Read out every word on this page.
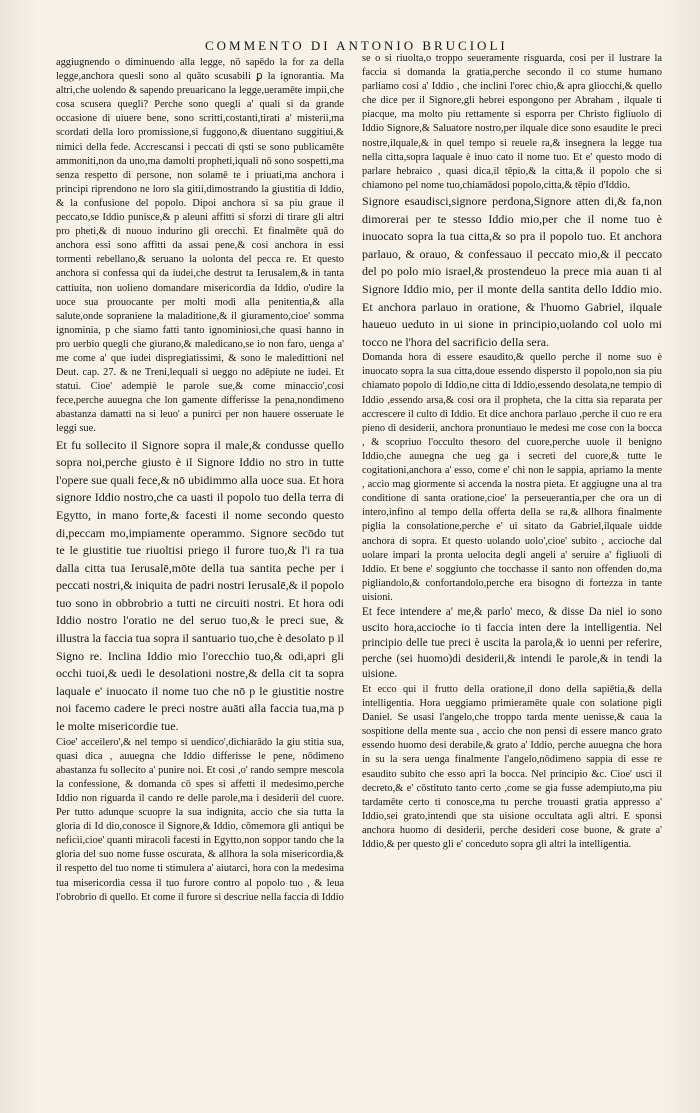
COMMENTO DI ANTONIO BRUCIOLI

aggiugnendo o diminuendo alla legge, nō sapēdo la for za della legge,anchora quesli sono al quāto scusabili ꝑ la ignorantia. Ma altri,che uolendo & sapendo preuaricano la legge,ueramēte impii,che cosa scusera quegli? Perche sono quegli a' quali si da grande occasione di uiuere bene, sono scritti,costanti,tirati a' misterii,ma scordati della loro promissione,si fuggono,& diuentano suggitiui,& nimici della fede. Accrescansi i peccati di qsti se sono publicamēte ammoniti,non da uno,ma damolti propheti,iquali nō sono sospetti,ma senza respetto di persone, non solamē te i priuati,ma anchora i principi riprendono ne loro sla gitii,dimostrando la giustitia di Iddio, & la confusione del popolo. Dipoi anchora si sa piu graue il peccato,se Iddio punisce,& p aleuni affitti si sforzi di tirare gli altri pro pheti,& di nuouo indurino gli orecchi. Et finalmēte quā do anchora essi sono affitti da assai pene,& cosi anchora in essi tormenti rebellano,& seruano la uolonta del pecca re. Et questo anchora si confessa qui da iudei,che destrut ta Ierusalem,& in tanta cattiuita, non uolieno domandare misericordia da Iddio, o'udire la uoce sua prouocante per molti modi alla penitentia,& alla salute,onde sopraniene la maladitione,& il giuramento,cioe' somma ignominia, p che siamo fatti tanto ignominiosi,che quasi hanno in pro uerbio quegli che giurano,& maledicano,se io non faro, uenga a' me come a' que iudei dispregiatissimi, & sono le maledittioni nel Deut. cap. 27. & ne Treni,lequali si ueggo no adēpiute ne iudei. Et statui. Cioe' adempiè le parole sue,& come minaccio',cosi fece,perche auuegna che lon gamente differisse la pena,nondimeno abastanza damatti na si leuo' a punirci per non hauere osseruate le leggi sue.

Et fu sollecito il Signore sopra il male,& condusse quello sopra noi,perche giusto è il Signore Iddio no stro in tutte l'opere sue quali fece,& nō ubidimmo alla uoce sua. Et hora signore Iddio nostro,che ca uasti il popolo tuo della terra di Egytto, in mano forte,& facesti il nome secondo questo di,peccam mo,impiamente operammo. Signore secōdo tut te le giustitie tue riuoltisi priego il furore tuo,& l'i ra tua dalla citta tua Ierusalē,mōte della tua santita peche per i peccati nostri,& iniquita de padri nostri Ierusalē,& il popolo tuo sono in obbrobrio a tutti ne circuiti nostri. Et hora odi Iddio nostro l'oratio ne del seruo tuo,& le preci sue, & illustra la faccia tua sopra il santuario tuo,che è desolato p il Signo re. Inclina Iddio mio l'orecchio tuo,& odi,apri gli occhi tuoi,& uedi le desolationi nostre,& della cit ta sopra laquale e' inuocato il nome tuo che nō p le giustitie nostre noi facemo cadere le preci nostre auāti alla faccia tua,ma p le molte misericordie tue.

Cioe' acceilero',& nel tempo si uendico',dichiarādo la giu stitia sua, quasi dica , auuegna che Iddio differisse le pene, nōdimeno abastanza fu sollecito a' punire noi. Et cosi ,o' rando sempre mescola la confessione, & domanda cō spes si affetti il medesimo,perche Iddio non riguarda il cando re delle parole,ma i desiderii del cuore. Per tutto adunque scuopre la sua indignita, accio che sia tutta la gloria di Id dio,conosce il Signore,& Iddio, cōmemora gli antiqui be neficii,cioe' quanti miracoli facesti in Egytto,non soppor tando che la gloria del suo nome fusse oscurata, & allhora la sola misericordia,& il respetto del tuo nome ti stimulera a' aiutarci, hora con la medesima tua misericordia cessa il tuo furore contro al popolo tuo , & leua l'obrobrio di quello. Et come il furore si descriue nella faccia di Iddio

se o si riuolta,o troppo seueramente risguarda, cosi per il lustrare la faccia si domanda la gratia,perche secondo il co stume humano parliamo cosi a' Iddio , che inclini l'orec chio,& apra gliocchi,& quello che dice per il Signore,gli hebrei espongono per Abraham , ilquale ti piacque, ma molto piu rettamente si esporra per Christo figliuolo di Iddio Signore,& Saluatore nostro,per ilquale dice sono esaudite le preci nostre,ilquale,& in quel tempo si reuele ra,& insegnera la legge tua nella citta,sopra laquale è inuo cato il nome tuo. Et e' questo modo di parlare hebraico , quasi dica,il tēpio,& la citta,& il popolo che si chiamono pel nome tuo,chiamādosi popolo,citta,& tēpio d'Iddio.

Signore esaudisci,signore perdona,Signore atten di,& fa,non dimorerai per te stesso Iddio mio,per che il nome tuo è inuocato sopra la tua citta,& so pra il popolo tuo. Et anchora parlauo, & orauo, & confessauo il peccato mio,& il peccato del po polo mio israel,& prostendeuo la prece mia auan ti al Signore Iddio mio, per il monte della santita dello Iddio mio. Et anchora parlauo in oratione, & l'huomo Gabriel, ilquale haueuo ueduto in ui sione in principio,uolando col uolo mi tocco ne l'hora del sacrificio della sera.

Domanda hora di essere esaudito,& quello perche il nome suo è inuocato sopra la sua citta,doue essendo dispersto il popolo,non sia piu chiamato popolo di Iddio,ne citta di Iddio,essendo desolata,ne tempio di Iddio ,essendo arsa,& cosi ora il propheta, che la citta sia reparata per accrescere il culto di Iddio. Et dice anchora parlauo ,perche il cuo re era pieno di desiderii, anchora pronuntiauo le medesi me cose con la bocca , & scopriuo l'occulto thesoro del cuore,perche uuole il benigno Iddio,che auuegna che ueg ga i secreti del cuore,& tutte le cogitationi,anchora a' esso, come e' chi non le sappia, apriamo la mente , accio mag giormente si accenda la nostra pieta. Et aggiugne una al tra conditione di santa oratione,cioe' la perseuerantia,per che ora un di intero,infino al tempo della offerta della se ra,& allhora finalmente piglia la consolatione,perche e' ui sitato da Gabriel,ilquale uidde anchora di sopra. Et questo uolando uolo',cioe' subito , accioche dal uolare impari la pronta uelocita degli angeli a' seruire a' figliuoli di Iddio. Et bene e' soggiunto che tocchasse il santo non offenden do,ma pigliandolo,& confortandolo,perche era bisogno di fortezza in tante uisioni.

Et fece intendere a' me,& parlo' meco, & disse Da niel io sono uscito hora,accioche io ti faccia inten dere la intelligentia. Nel principio delle tue preci è uscita la parola,& io uenni per referire, perche (sei huomo)di desiderii,& intendi le parole,& in tendi la uisione.

Et ecco qui il frutto della oratione,il dono della sapiētia,& della intelligentia. Hora ueggiamo primieramēte quale con solatione pigli Daniel. Se usasi l'angelo,che troppo tarda mente uenisse,& caua la sospitione della mente sua , accio che non pensi di essere manco grato essendo huomo desi derabile,& grato a' Iddio, perche auuegna che hora in su la sera uenga finalmente l'angelo,nōdimeno sappia di esse re esaudito subito che esso apri la bocca. Nel principio &c. Cioe' usci il decreto,& e' cōstituto tanto certo ,come se gia fusse adempiuto,ma piu tardamēte certo ti conosce,ma tu perche trouasti gratia appresso a' Iddio,sei grato,intendi que sta uisione occultata agli altri. E sponsi anchora huomo di desiderii, perche desideri cose buone, & grate a' Iddio,& per questo gli e' conceduto sopra gli altri la intelligentia.
